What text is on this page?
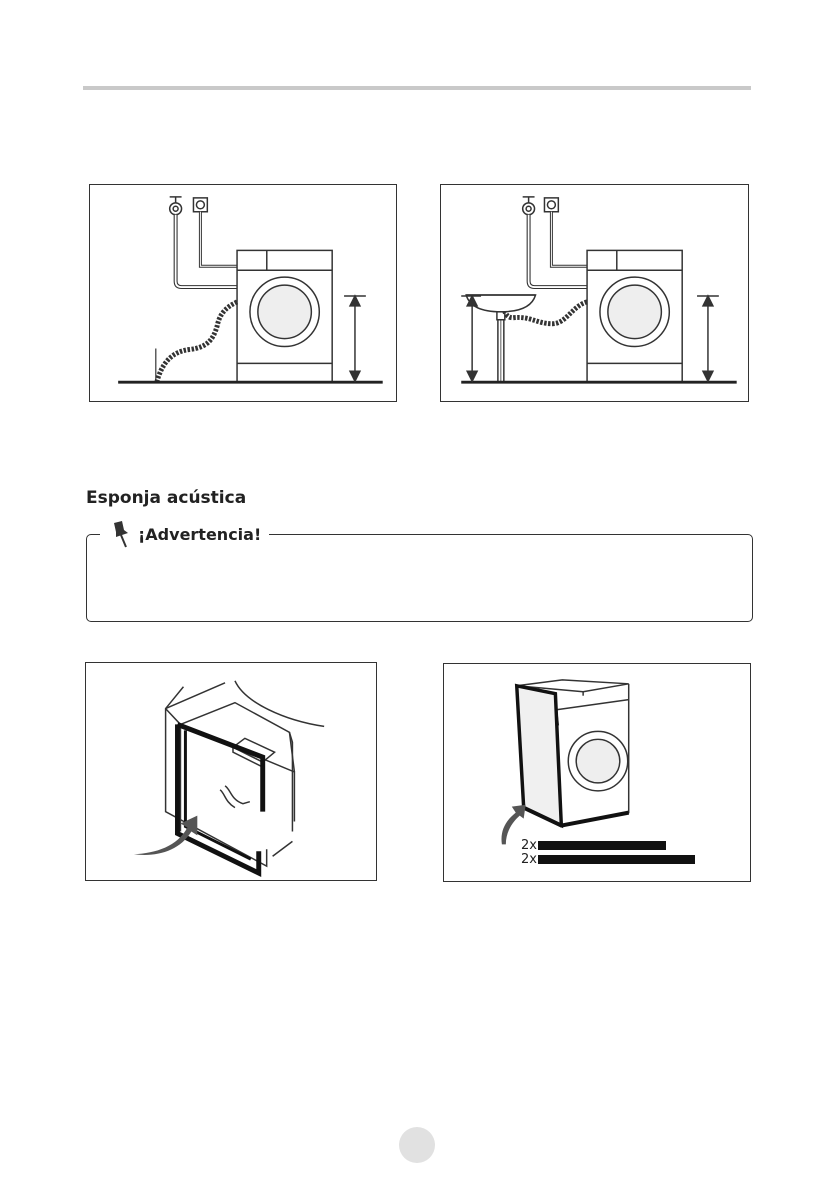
Esponja acústica
¡Advertencia!
2x
2x
